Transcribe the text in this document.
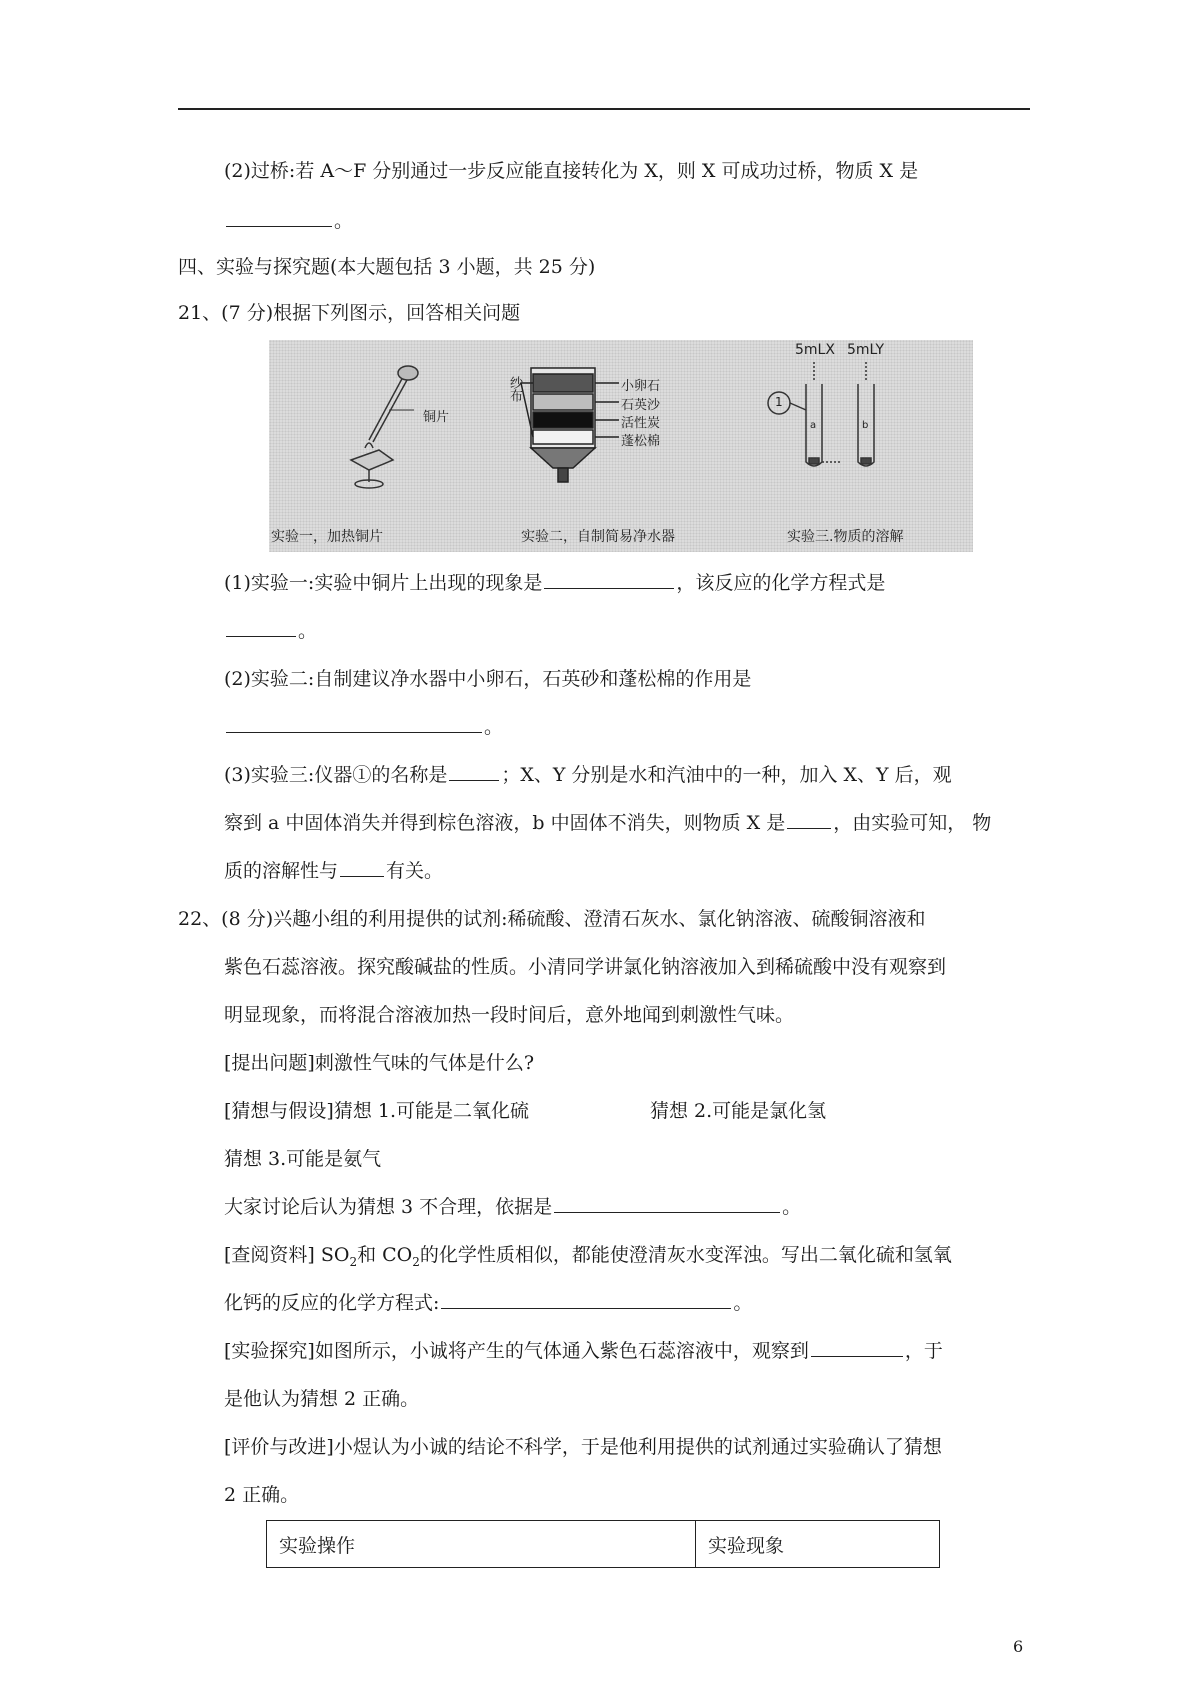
(2)过桥:若 A～F 分别通过一步反应能直接转化为 X，则 X 可成功过桥，物质 X 是
。
四、实验与探究题(本大题包括 3 小题，共 25 分)
21、(7 分)根据下列图示，回答相关问题
铜片
纱布	小卵石
石英沙
活性炭
蓬松棉
5mLX 5mLY
1
a	b
实验一，加热铜片	实验二，自制简易净水器	实验三.物质的溶解
(1)实验一:实验中铜片上出现的现象是	，该反应的化学方程式是
。
(2)实验二:自制建议净水器中小卵石，石英砂和蓬松棉的作用是
。
(3)实验三:仪器①的名称是	；X、Y 分别是水和汽油中的一种，加入 X、Y 后，观
察到 a 中固体消失并得到棕色溶液，b 中固体不消失，则物质 X 是	，由实验可知， 物
质的溶解性与	有关。
22、(8 分)兴趣小组的利用提供的试剂:稀硫酸、澄清石灰水、氯化钠溶液、硫酸铜溶液和
紫色石蕊溶液。探究酸碱盐的性质。小清同学讲氯化钠溶液加入到稀硫酸中没有观察到
明显现象，而将混合溶液加热一段时间后，意外地闻到刺激性气味。
[提出问题]刺激性气味的气体是什么?
[猜想与假设]猜想 1.可能是二氧化硫	猜想 2.可能是氯化氢
猜想 3.可能是氨气
大家讨论后认为猜想 3 不合理，依据是	。
[查阅资料] $SO_2$和 $CO_2$的化学性质相似，都能使澄清灰水变浑浊。写出二氧化硫和氢氧
化钙的反应的化学方程式:	。
[实验探究]如图所示，小诚将产生的气体通入紫色石蕊溶液中，观察到	，于
是他认为猜想 2 正确。
[评价与改进]小煜认为小诚的结论不科学，于是他利用提供的试剂通过实验确认了猜想
2 正确。
实验操作	实验现象
6
